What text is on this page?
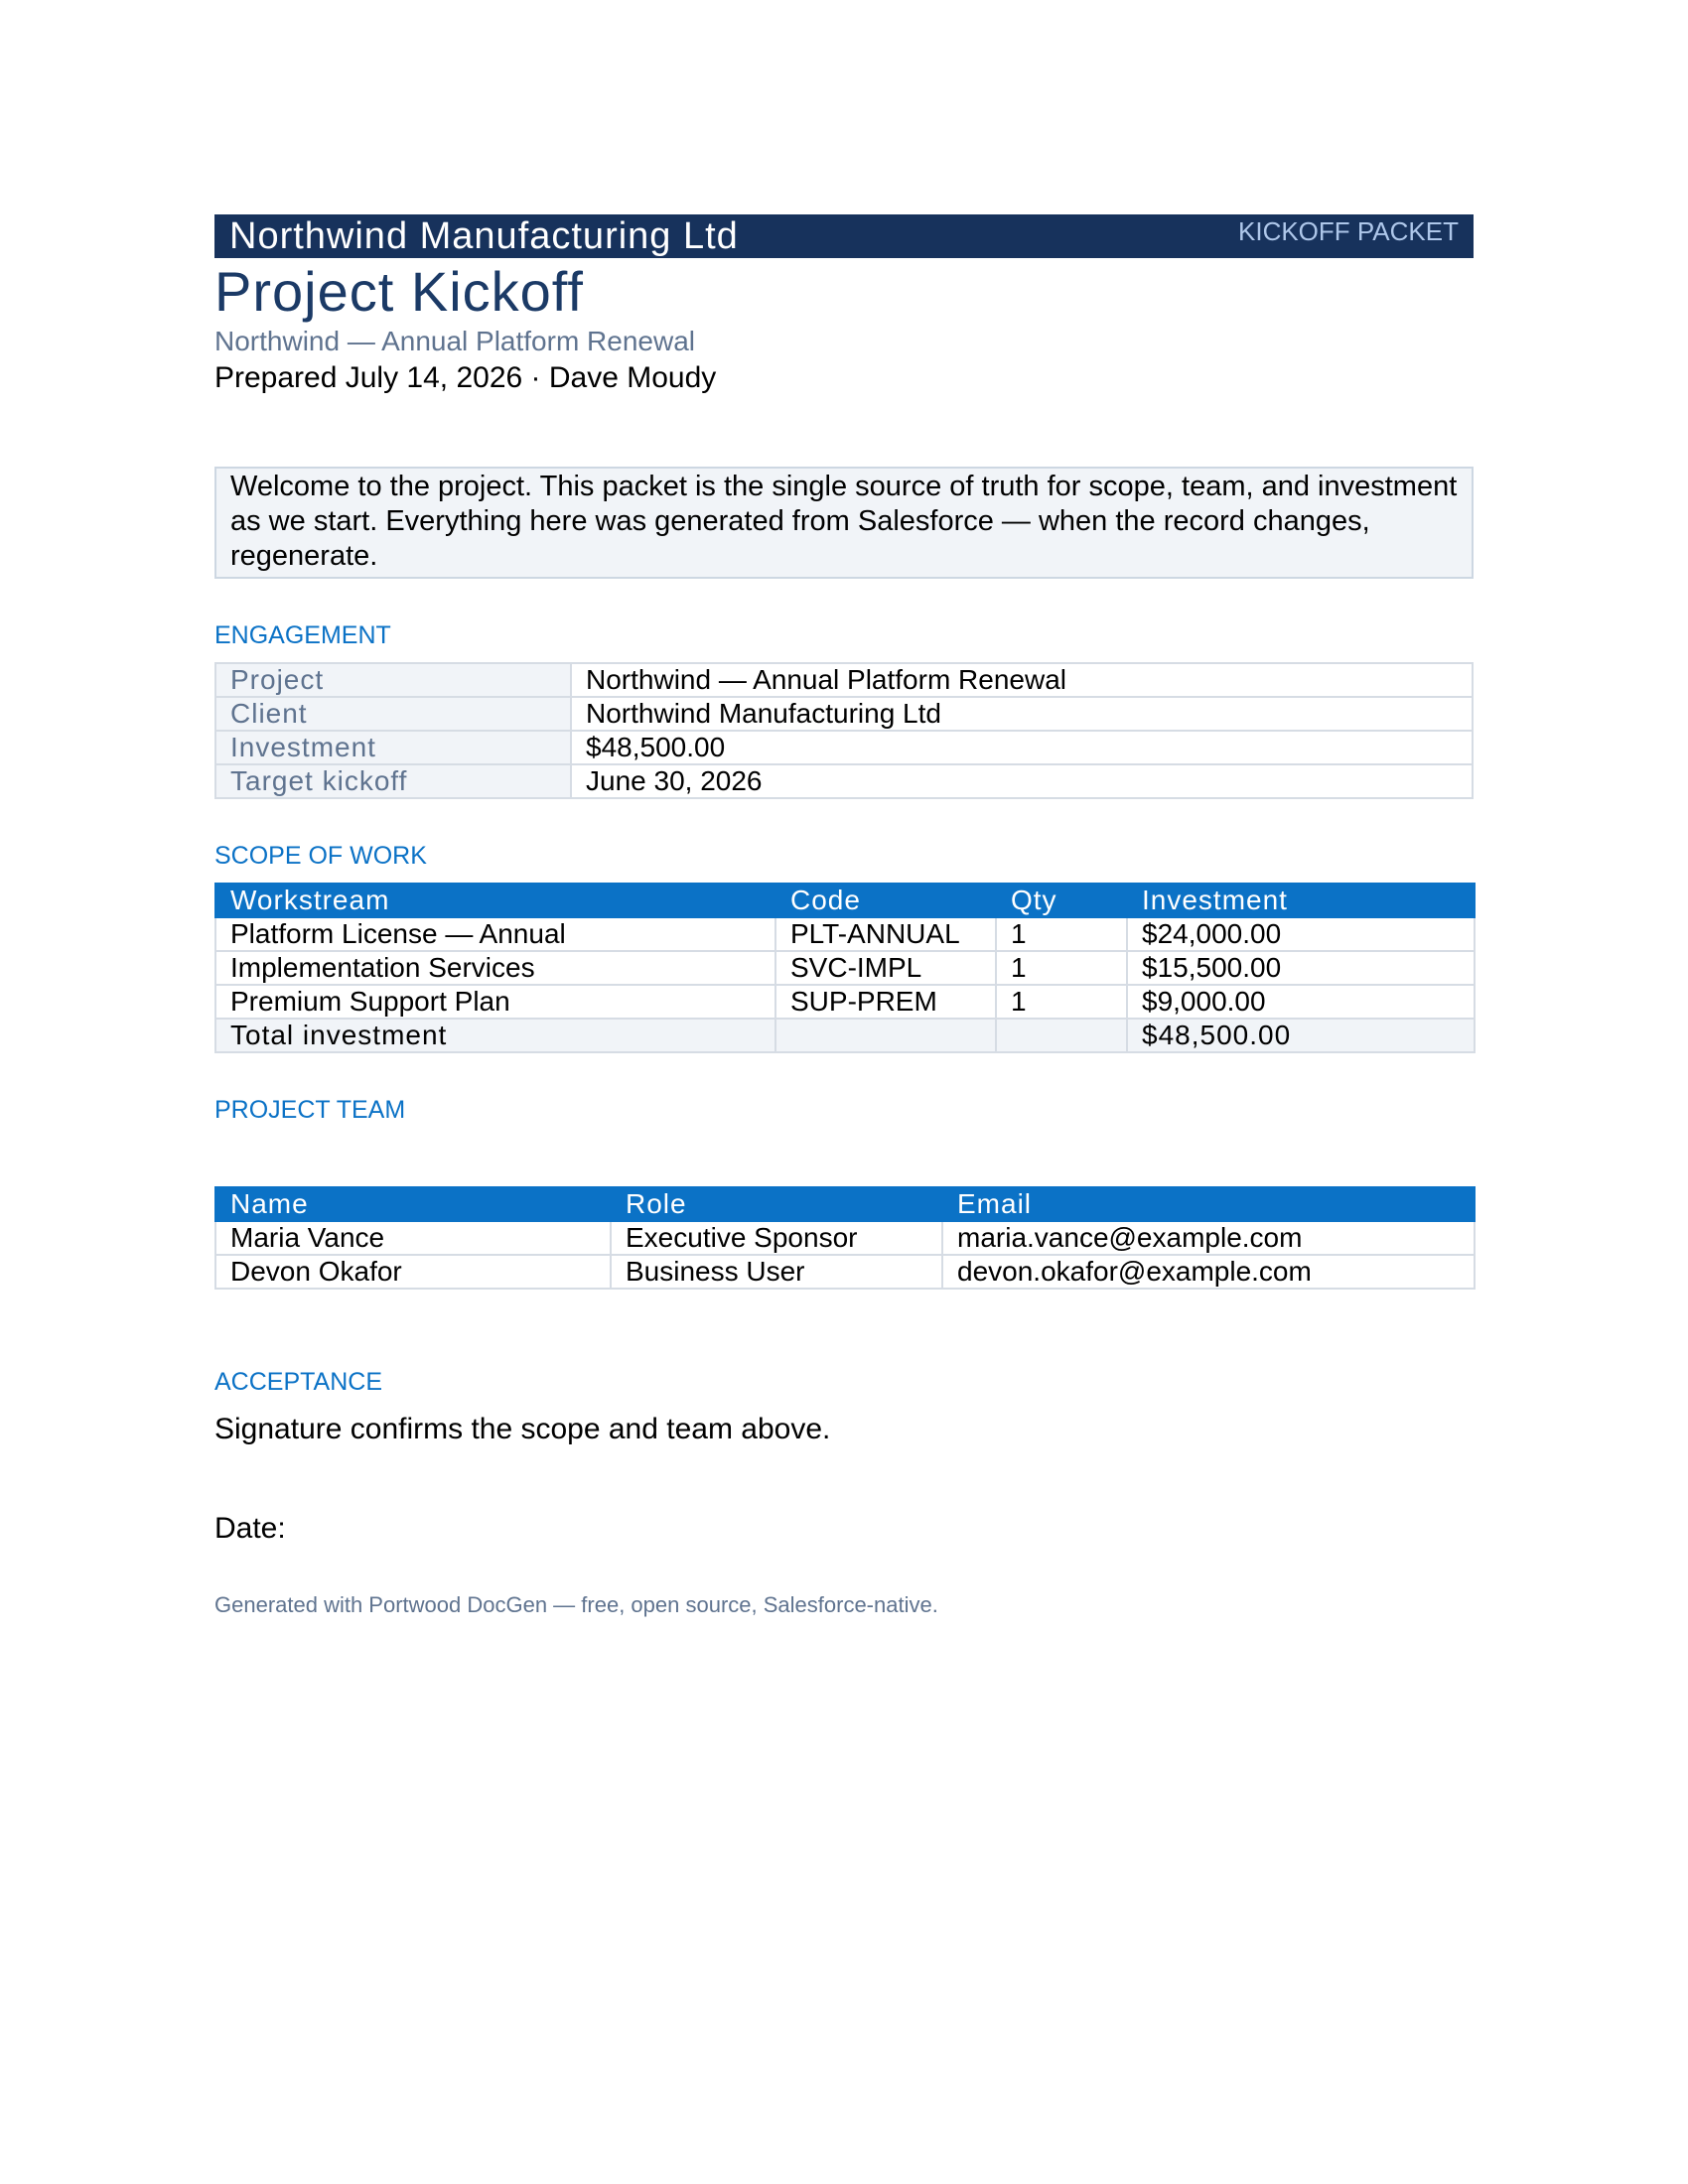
Northwind Manufacturing Ltd	KICKOFF PACKET
Project Kickoff
Northwind — Annual Platform Renewal
Prepared July 14, 2026 · Dave Moudy
Welcome to the project. This packet is the single source of truth for scope, team, and investment as we start. Everything here was generated from Salesforce — when the record changes, regenerate.
ENGAGEMENT
Project	Northwind — Annual Platform Renewal
Client	Northwind Manufacturing Ltd
Investment	$48,500.00
Target kickoff	June 30, 2026
SCOPE OF WORK
Workstream	Code	Qty	Investment
Platform License — Annual	PLT-ANNUAL	1	$24,000.00
Implementation Services	SVC-IMPL	1	$15,500.00
Premium Support Plan	SUP-PREM	1	$9,000.00
Total investment			$48,500.00
PROJECT TEAM
Name	Role	Email
Maria Vance	Executive Sponsor	maria.vance@example.com
Devon Okafor	Business User	devon.okafor@example.com
ACCEPTANCE
Signature confirms the scope and team above.
Date:
Generated with Portwood DocGen — free, open source, Salesforce-native.
